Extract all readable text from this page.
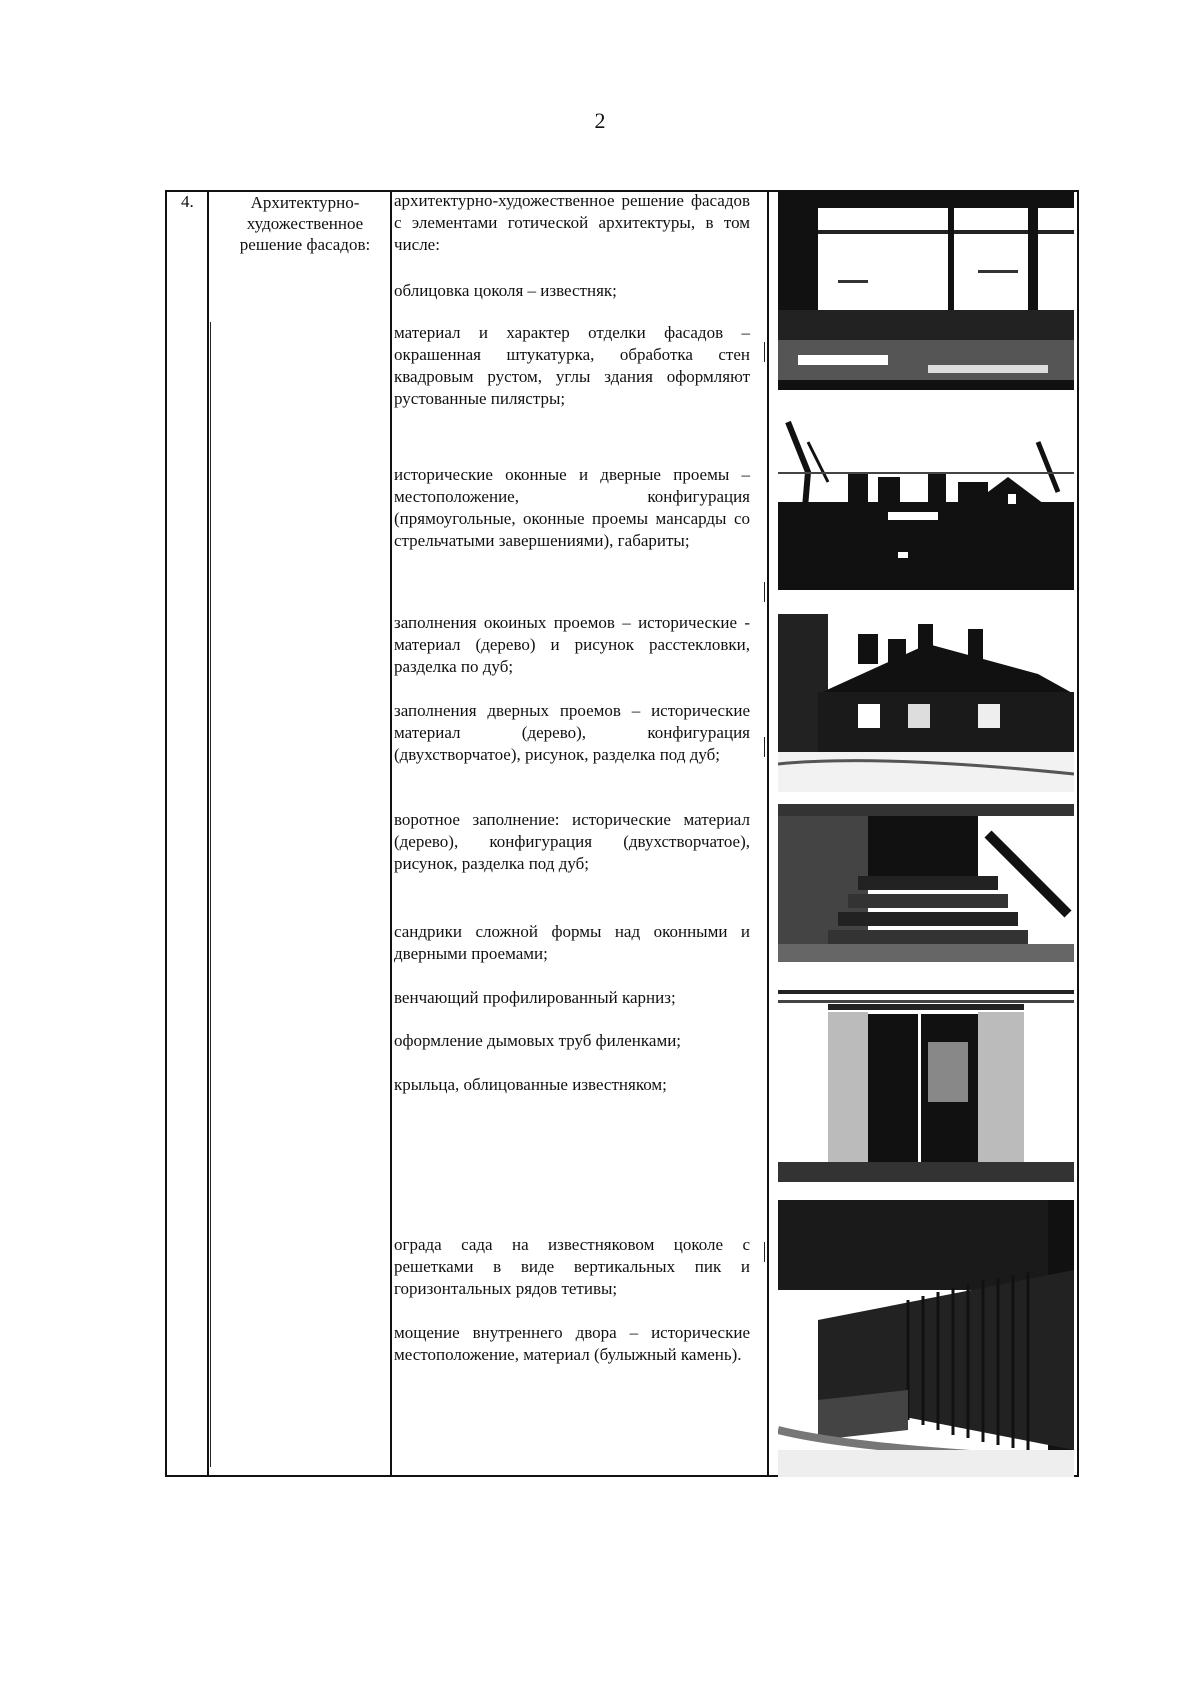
2
4.	Архитектурно-
художественное
решение фасадов:
архитектурно-художественное решение фасадов с элементами готической архитектуры, в том числе:
облицовка цоколя – известняк;
материал и характер отделки фасадов – окрашенная штукатурка, обработка стен квадровым рустом, углы здания оформляют рустованные пилястры;
исторические оконные и дверные проемы – местоположение, конфигурация (прямоугольные, оконные проемы мансарды со стрельчатыми завершениями), габариты;
заполнения окоиных проемов – исторические - материал (дерево) и рисунок расстекловки, разделка по дуб;
заполнения дверных проемов – исторические материал (дерево), конфигурация (двухстворчатое), рисунок, разделка под дуб;
воротное заполнение: исторические материал (дерево), конфигурация (двухстворчатое), рисунок, разделка под дуб;
сандрики сложной формы над оконными и дверными проемами;
венчающий профилированный карниз;
оформление дымовых труб филенками;
крыльца, облицованные известняком;
ограда сада на известняковом цоколе с решетками в виде вертикальных пик и горизонтальных рядов тетивы;
мощение внутреннего двора – исторические местоположение, материал (булыжный камень).
